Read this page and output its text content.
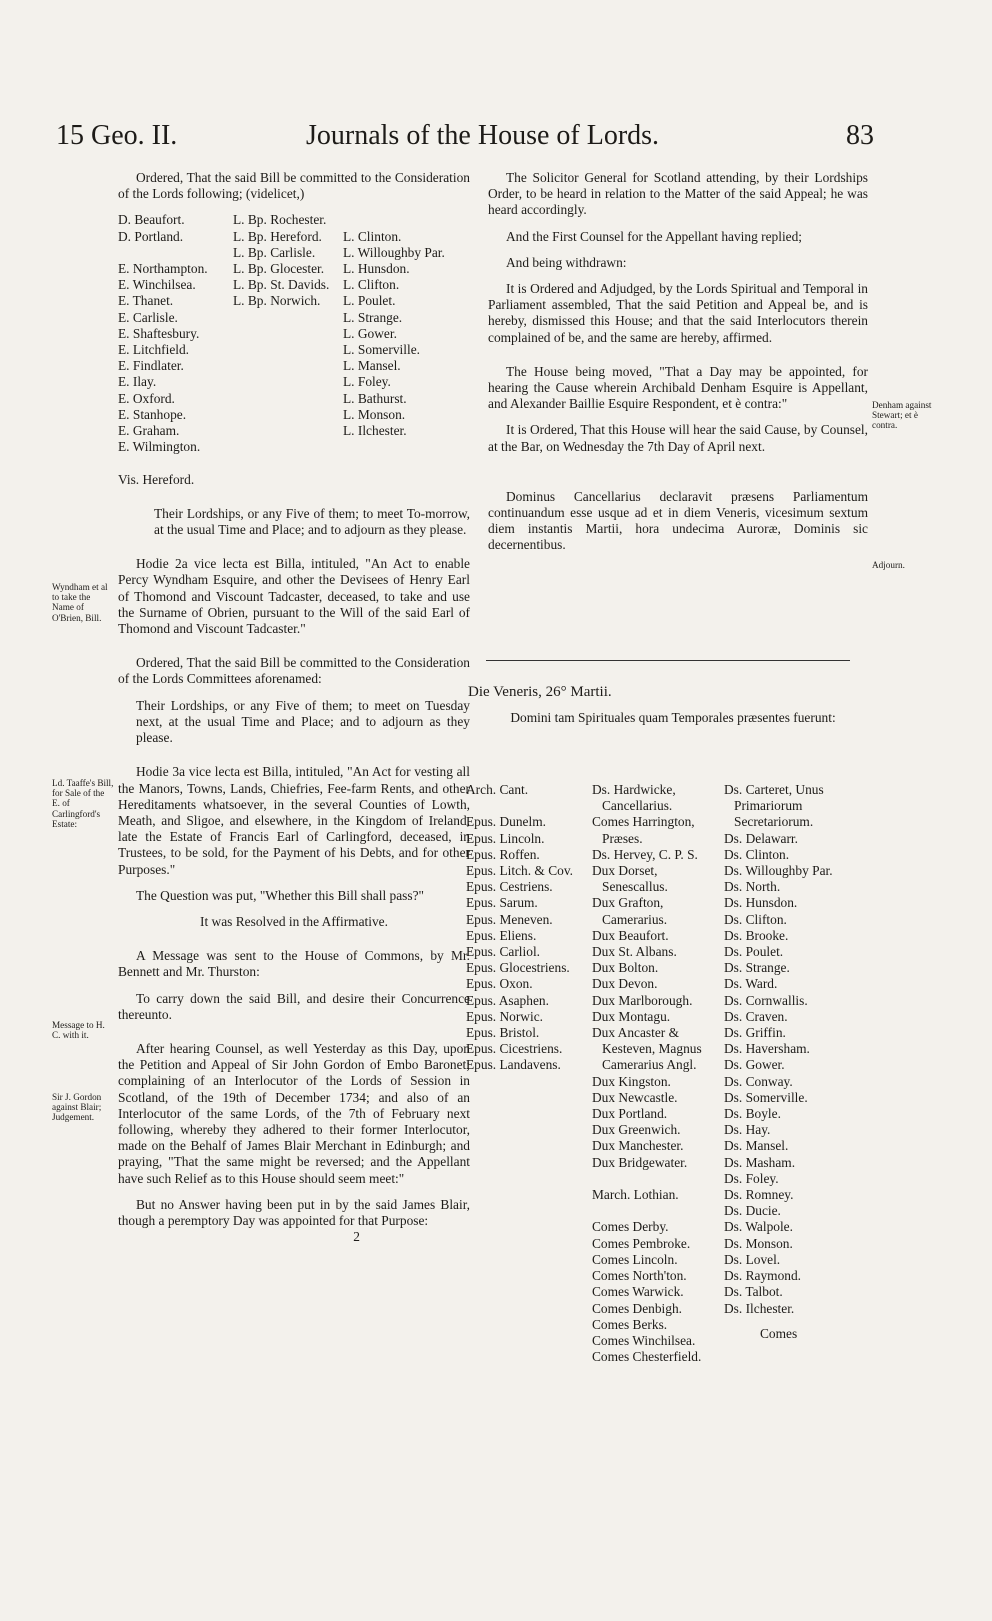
15 Geo. II.	Journals of the House of Lords.	83

Ordered, That the said Bill be committed to the Consideration of the Lords following; (videlicet,)

D. Beaufort.
D. Portland.

E. Northampton.
E. Winchilsea.
E. Thanet.
E. Carlisle.
E. Shaftesbury.
E. Litchfield.
E. Findlater.
E. Ilay.
E. Oxford.
E. Stanhope.
E. Graham.
E. Wilmington.

Vis. Hereford.
L. Bp. Rochester.
L. Bp. Hereford.
L. Bp. Carlisle.
L. Bp. Glocester.
L. Bp. St. Davids.
L. Bp. Norwich.

L. Clinton.
L. Willoughby Par.
L. Hunsdon.
L. Clifton.
L. Poulet.
L. Strange.
L. Gower.
L. Somerville.
L. Mansel.
L. Foley.
L. Bathurst.
L. Monson.
L. Ilchester.

Their Lordships, or any Five of them; to meet To-morrow, at the usual Time and Place; and to adjourn as they please.

Hodie 2a vice lecta est Billa, intituled, "An Act to enable Percy Wyndham Esquire, and other the Devisees of Henry Earl of Thomond and Viscount Tadcaster, deceased, to take and use the Surname of Obrien, pursuant to the Will of the said Earl of Thomond and Viscount Tadcaster."

Ordered, That the said Bill be committed to the Consideration of the Lords Committees aforenamed:

Their Lordships, or any Five of them; to meet on Tuesday next, at the usual Time and Place; and to adjourn as they please.

Hodie 3a vice lecta est Billa, intituled, "An Act for vesting all the Manors, Towns, Lands, Chiefries, Fee-farm Rents, and other Hereditaments whatsoever, in the several Counties of Lowth, Meath, and Sligoe, and elsewhere, in the Kingdom of Ireland, late the Estate of Francis Earl of Carlingford, deceased, in Trustees, to be sold, for the Payment of his Debts, and for other Purposes."

The Question was put, "Whether this Bill shall pass?"

It was Resolved in the Affirmative.

A Message was sent to the House of Commons, by Mr. Bennett and Mr. Thurston:

To carry down the said Bill, and desire their Concurrence thereunto.

After hearing Counsel, as well Yesterday as this Day, upon the Petition and Appeal of Sir John Gordon of Embo Baronet; complaining of an Interlocutor of the Lords of Session in Scotland, of the 19th of December 1734; and also of an Interlocutor of the same Lords, of the 7th of February next following, whereby they adhered to their former Interlocutor, made on the Behalf of James Blair Merchant in Edinburgh; and praying, "That the same might be reversed; and the Appellant have such Relief as to this House should seem meet:"

But no Answer having been put in by the said James Blair, though a peremptory Day was appointed for that Purpose:

2

Wyndham et al to take the Name of O'Brien, Bill.
Ld. Taaffe's Bill, for Sale of the E. of Carlingford's Estate:
Message to H. C. with it.
Sir J. Gordon against Blair; Judgement.

The Solicitor General for Scotland attending, by their Lordships Order, to be heard in relation to the Matter of the said Appeal; he was heard accordingly.

And the First Counsel for the Appellant having replied;

And being withdrawn:

It is Ordered and Adjudged, by the Lords Spiritual and Temporal in Parliament assembled, That the said Petition and Appeal be, and is hereby, dismissed this House; and that the said Interlocutors therein complained of be, and the same are hereby, affirmed.

The House being moved, "That a Day may be appointed, for hearing the Cause wherein Archibald Denham Esquire is Appellant, and Alexander Baillie Esquire Respondent, et è contra:"

It is Ordered, That this House will hear the said Cause, by Counsel, at the Bar, on Wednesday the 7th Day of April next.

Dominus Cancellarius declaravit præsens Parliamentum continuandum esse usque ad et in diem Veneris, vicesimum sextum diem instantis Martii, hora undecima Auroræ, Dominis sic decernentibus.

Denham against Stewart; et è contra.
Adjourn.

Die Veneris, 26° Martii.

Domini tam Spirituales quam Temporales præsentes fuerunt:

Arch. Cant.

Epus. Dunelm.
Epus. Lincoln.
Epus. Roffen.
Epus. Litch. & Cov.
Epus. Cestriens.
Epus. Sarum.
Epus. Meneven.
Epus. Eliens.
Epus. Carliol.
Epus. Glocestriens.
Epus. Oxon.
Epus. Asaphen.
Epus. Norwic.
Epus. Bristol.
Epus. Cicestriens.
Epus. Landavens.
Ds. Hardwicke, Cancellarius.
Comes Harrington, Præses.
Ds. Hervey, C. P. S.
Dux Dorset, Senescallus.
Dux Grafton, Camerarius.
Dux Beaufort.
Dux St. Albans.
Dux Bolton.
Dux Devon.
Dux Marlborough.
Dux Montagu.
Dux Ancaster & Kesteven, Magnus Camerarius Angl.
Dux Kingston.
Dux Newcastle.
Dux Portland.
Dux Greenwich.
Dux Manchester.
Dux Bridgewater.

March. Lothian.

Comes Derby.
Comes Pembroke.
Comes Lincoln.
Comes North'ton.
Comes Warwick.
Comes Denbigh.
Comes Berks.
Comes Winchilsea.
Comes Chesterfield.
Ds. Carteret, Unus Primariorum Secretariorum.
Ds. Delawarr.
Ds. Clinton.
Ds. Willoughby Par.
Ds. North.
Ds. Hunsdon.
Ds. Clifton.
Ds. Brooke.
Ds. Poulet.
Ds. Strange.
Ds. Ward.
Ds. Cornwallis.
Ds. Craven.
Ds. Griffin.
Ds. Haversham.
Ds. Gower.
Ds. Conway.
Ds. Somerville.
Ds. Boyle.
Ds. Hay.
Ds. Mansel.
Ds. Masham.
Ds. Foley.
Ds. Romney.
Ds. Ducie.
Ds. Walpole.
Ds. Monson.
Ds. Lovel.
Ds. Raymond.
Ds. Talbot.
Ds. Ilchester.
Comes
